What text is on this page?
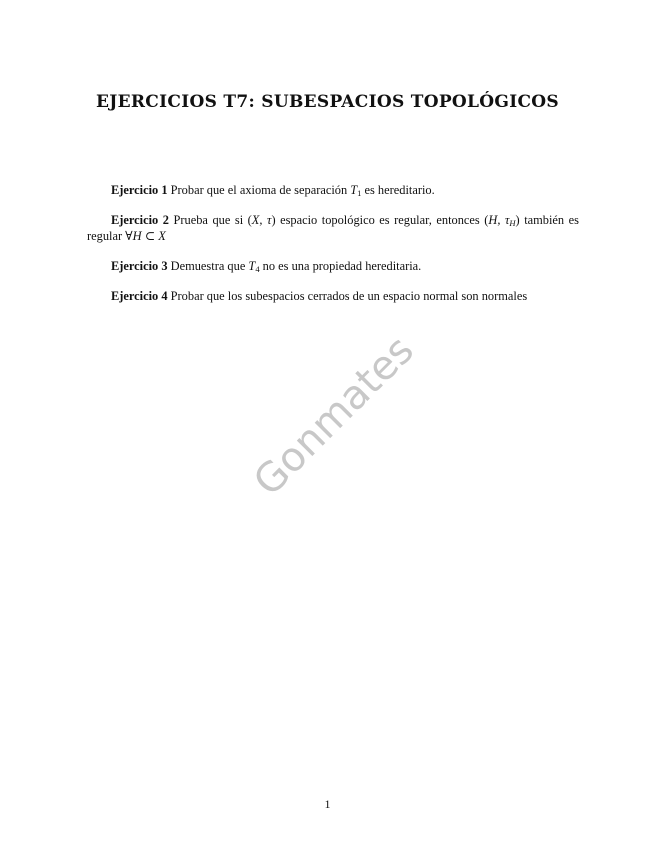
EJERCICIOS T7: SUBESPACIOS TOPOLÓGICOS

Ejercicio 1 Probar que el axioma de separación $T_1$ es hereditario.

Ejercicio 2 Prueba que si (X, τ) espacio topológico es regular, entonces (H, $\tau_H$) también es regular ∀H ⊂ X

Ejercicio 3 Demuestra que $T_4$ no es una propiedad hereditaria.

Ejercicio 4 Probar que los subespacios cerrados de un espacio normal son normales

Gonmates
1
